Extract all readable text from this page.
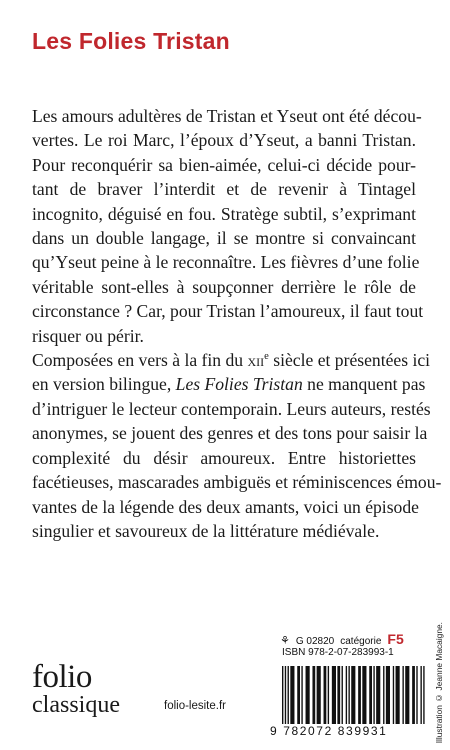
Les Folies Tristan

Les amours adultères de Tristan et Yseut ont été décou-
vertes. Le roi Marc, l’époux d’Yseut, a banni Tristan.
Pour reconquérir sa bien-aimée, celui-ci décide pour-
tant de braver l’interdit et de revenir à Tintagel
incognito, déguisé en fou. Stratège subtil, s’exprimant
dans un double langage, il se montre si convaincant
qu’Yseut peine à le reconnaître. Les fièvres d’une folie
véritable sont-elles à soupçonner derrière le rôle de
circonstance ? Car, pour Tristan l’amoureux, il faut tout
risquer ou périr.

Composées en vers à la fin du xii$^e$ siècle et présentées ici
en version bilingue, Les Folies Tristan ne manquent pas
d’intriguer le lecteur contemporain. Leurs auteurs, restés
anonymes, se jouent des genres et des tons pour saisir la
complexité du désir amoureux. Entre historiettes
facétieuses, mascarades ambiguës et réminiscences émou-
vantes de la légende des deux amants, voici un épisode
singulier et savoureux de la littérature médiévale.

Illustration © Jeanne Macaigne.
folio
classique	folio-lesite.fr
⚘ G 02820 catégorie F5
ISBN 978-2-07-283993-1
9 782072 839931
